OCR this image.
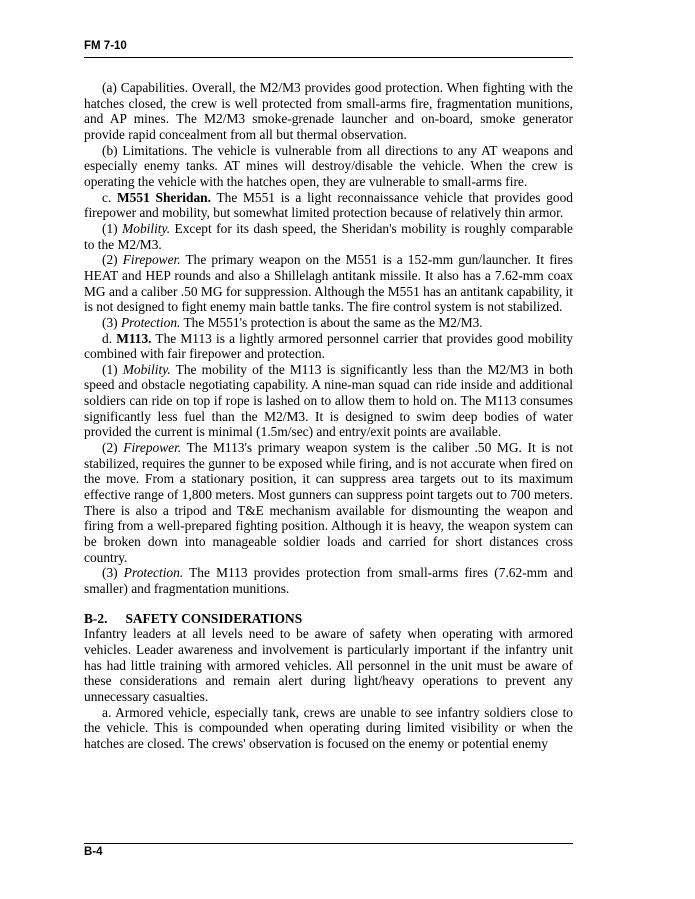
FM 7-10

(a) Capabilities. Overall, the M2/M3 provides good protection. When fighting with the hatches closed, the crew is well protected from small-arms fire, fragmentation munitions, and AP mines. The M2/M3 smoke-grenade launcher and on-board, smoke generator provide rapid concealment from all but thermal observation.

(b) Limitations. The vehicle is vulnerable from all directions to any AT weapons and especially enemy tanks. AT mines will destroy/disable the vehicle. When the crew is operating the vehicle with the hatches open, they are vulnerable to small-arms fire.

c. M551 Sheridan. The M551 is a light reconnaissance vehicle that provides good firepower and mobility, but somewhat limited protection because of relatively thin armor.

(1) Mobility. Except for its dash speed, the Sheridan's mobility is roughly comparable to the M2/M3.

(2) Firepower. The primary weapon on the M551 is a 152-mm gun/launcher. It fires HEAT and HEP rounds and also a Shillelagh antitank missile. It also has a 7.62-mm coax MG and a caliber .50 MG for suppression. Although the M551 has an antitank capability, it is not designed to fight enemy main battle tanks. The fire control system is not stabilized.

(3) Protection. The M551's protection is about the same as the M2/M3.

d. M113. The M113 is a lightly armored personnel carrier that provides good mobility combined with fair firepower and protection.

(1) Mobility. The mobility of the M113 is significantly less than the M2/M3 in both speed and obstacle negotiating capability. A nine-man squad can ride inside and additional soldiers can ride on top if rope is lashed on to allow them to hold on. The M113 consumes significantly less fuel than the M2/M3. It is designed to swim deep bodies of water provided the current is minimal (1.5m/sec) and entry/exit points are available.

(2) Firepower. The M113's primary weapon system is the caliber .50 MG. It is not stabilized, requires the gunner to be exposed while firing, and is not accurate when fired on the move. From a stationary position, it can suppress area targets out to its maximum effective range of 1,800 meters. Most gunners can suppress point targets out to 700 meters. There is also a tripod and T&E mechanism available for dismounting the weapon and firing from a well-prepared fighting position. Although it is heavy, the weapon system can be broken down into manageable soldier loads and carried for short distances cross country.

(3) Protection. The M113 provides protection from small-arms fires (7.62-mm and smaller) and fragmentation munitions.

B-2. SAFETY CONSIDERATIONS

Infantry leaders at all levels need to be aware of safety when operating with armored vehicles. Leader awareness and involvement is particularly important if the infantry unit has had little training with armored vehicles. All personnel in the unit must be aware of these considerations and remain alert during light/heavy operations to prevent any unnecessary casualties.

a. Armored vehicle, especially tank, crews are unable to see infantry soldiers close to the vehicle. This is compounded when operating during limited visibility or when the hatches are closed. The crews' observation is focused on the enemy or potential enemy

B-4
